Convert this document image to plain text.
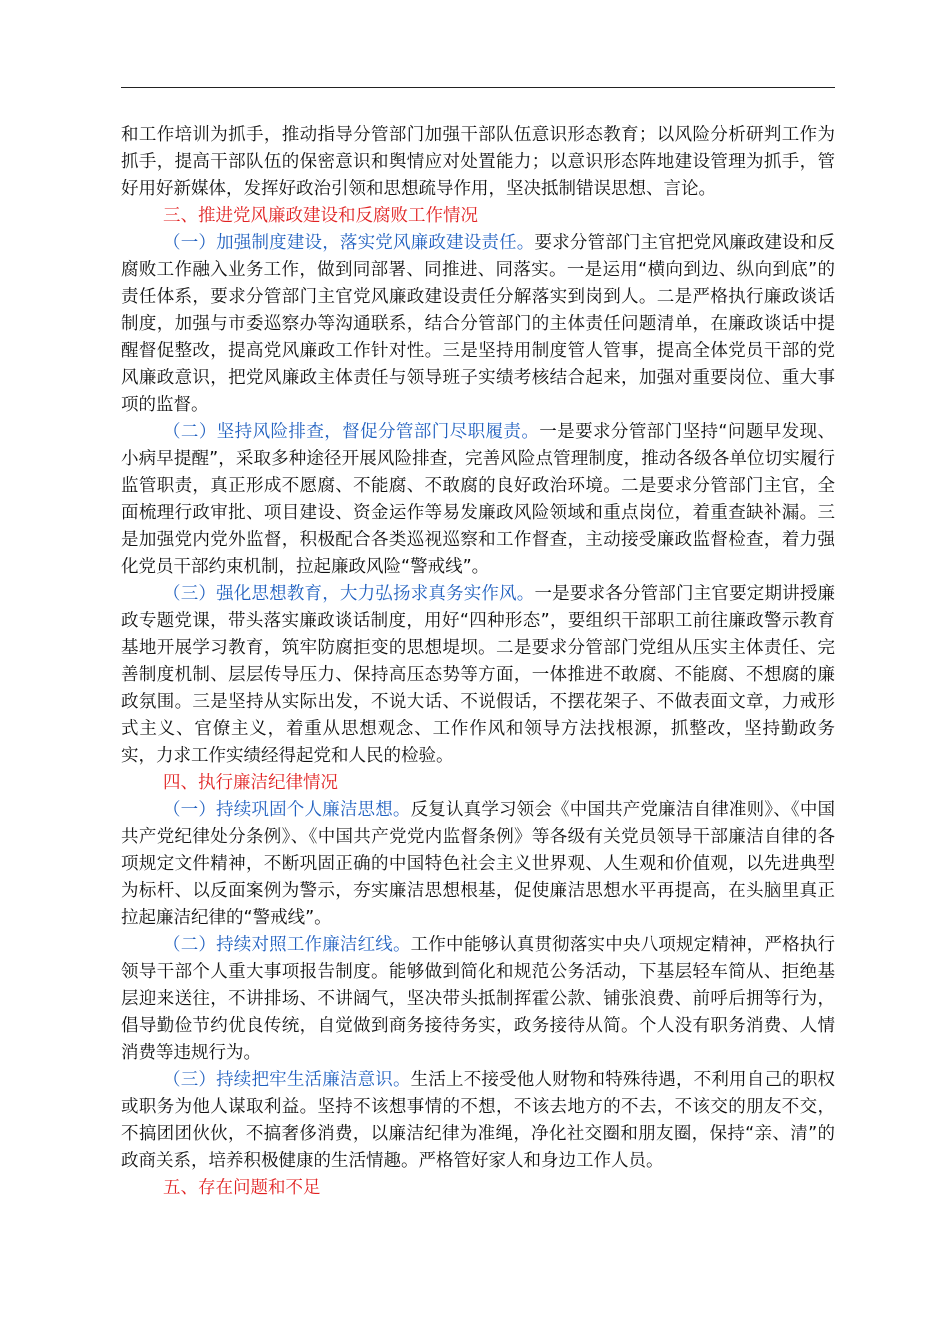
和工作培训为抓手，推动指导分管部门加强干部队伍意识形态教育；以风险分析研判工作为抓手，提高干部队伍的保密意识和舆情应对处置能力；以意识形态阵地建设管理为抓手，管好用好新媒体，发挥好政治引领和思想疏导作用，坚决抵制错误思想、言论。

三、推进党风廉政建设和反腐败工作情况

（一）加强制度建设，落实党风廉政建设责任。要求分管部门主官把党风廉政建设和反腐败工作融入业务工作，做到同部署、同推进、同落实。一是运用“横向到边、纵向到底”的责任体系，要求分管部门主官党风廉政建设责任分解落实到岗到人。二是严格执行廉政谈话制度，加强与市委巡察办等沟通联系，结合分管部门的主体责任问题清单，在廉政谈话中提醒督促整改，提高党风廉政工作针对性。三是坚持用制度管人管事，提高全体党员干部的党风廉政意识，把党风廉政主体责任与领导班子实绩考核结合起来，加强对重要岗位、重大事项的监督。

（二）坚持风险排查，督促分管部门尽职履责。一是要求分管部门坚持“问题早发现、小病早提醒”，采取多种途径开展风险排查，完善风险点管理制度，推动各级各单位切实履行监管职责，真正形成不愿腐、不能腐、不敢腐的良好政治环境。二是要求分管部门主官，全面梳理行政审批、项目建设、资金运作等易发廉政风险领域和重点岗位，着重查缺补漏。三是加强党内党外监督，积极配合各类巡视巡察和工作督查，主动接受廉政监督检查，着力强化党员干部约束机制，拉起廉政风险“警戒线”。

（三）强化思想教育，大力弘扬求真务实作风。一是要求各分管部门主官要定期讲授廉政专题党课，带头落实廉政谈话制度，用好“四种形态”，要组织干部职工前往廉政警示教育基地开展学习教育，筑牢防腐拒变的思想堤坝。二是要求分管部门党组从压实主体责任、完善制度机制、层层传导压力、保持高压态势等方面，一体推进不敢腐、不能腐、不想腐的廉政氛围。三是坚持从实际出发，不说大话、不说假话，不摆花架子、不做表面文章，力戒形式主义、官僚主义，着重从思想观念、工作作风和领导方法找根源，抓整改，坚持勤政务实，力求工作实绩经得起党和人民的检验。

四、执行廉洁纪律情况

（一）持续巩固个人廉洁思想。反复认真学习领会《中国共产党廉洁自律准则》、《中国共产党纪律处分条例》、《中国共产党党内监督条例》等各级有关党员领导干部廉洁自律的各项规定文件精神，不断巩固正确的中国特色社会主义世界观、人生观和价值观，以先进典型为标杆、以反面案例为警示，夯实廉洁思想根基，促使廉洁思想水平再提高，在头脑里真正拉起廉洁纪律的“警戒线”。

（二）持续对照工作廉洁红线。工作中能够认真贯彻落实中央八项规定精神，严格执行领导干部个人重大事项报告制度。能够做到简化和规范公务活动，下基层轻车简从、拒绝基层迎来送往，不讲排场、不讲阔气，坚决带头抵制挥霍公款、铺张浪费、前呼后拥等行为，倡导勤俭节约优良传统，自觉做到商务接待务实，政务接待从简。个人没有职务消费、人情消费等违规行为。

（三）持续把牢生活廉洁意识。生活上不接受他人财物和特殊待遇，不利用自己的职权或职务为他人谋取利益。坚持不该想事情的不想，不该去地方的不去，不该交的朋友不交，不搞团团伙伙，不搞奢侈消费，以廉洁纪律为准绳，净化社交圈和朋友圈，保持“亲、清”的政商关系，培养积极健康的生活情趣。严格管好家人和身边工作人员。

五、存在问题和不足
